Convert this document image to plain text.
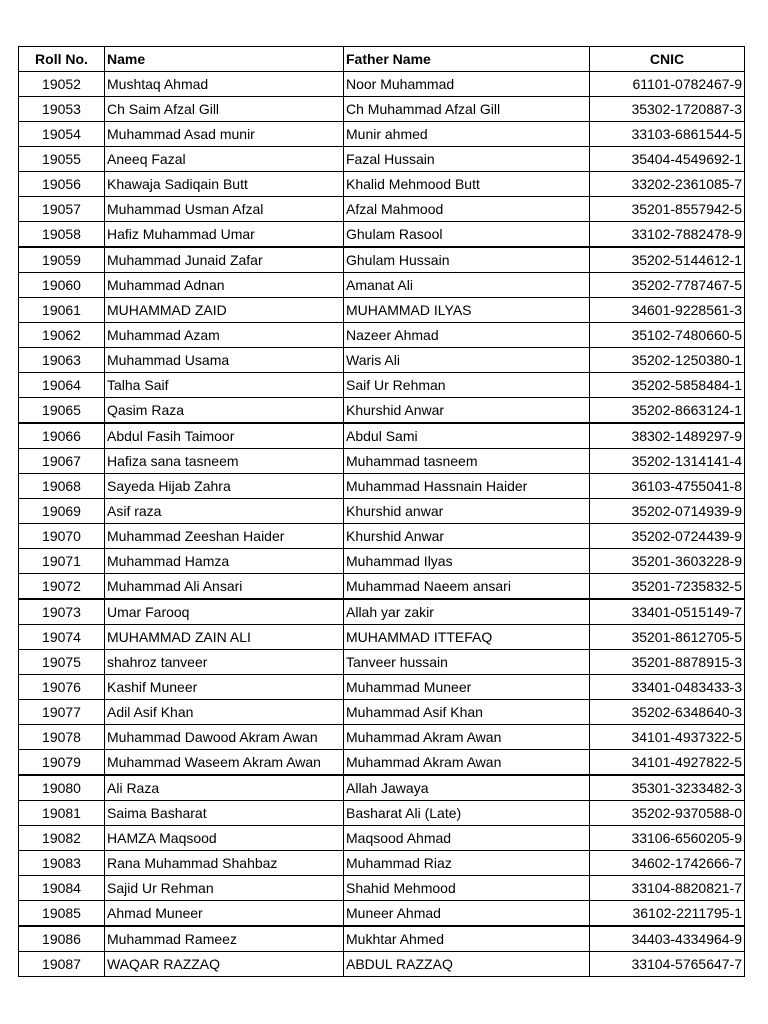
Roll No.	Name	Father Name	CNIC
19052	Mushtaq Ahmad	Noor Muhammad	61101-0782467-9
19053	Ch Saim Afzal Gill	Ch Muhammad Afzal Gill	35302-1720887-3
19054	Muhammad Asad munir	Munir ahmed	33103-6861544-5
19055	Aneeq Fazal	Fazal Hussain	35404-4549692-1
19056	Khawaja Sadiqain Butt	Khalid Mehmood Butt	33202-2361085-7
19057	Muhammad Usman Afzal	Afzal Mahmood	35201-8557942-5
19058	Hafiz Muhammad Umar	Ghulam Rasool	33102-7882478-9
19059	Muhammad Junaid Zafar	Ghulam Hussain	35202-5144612-1
19060	Muhammad Adnan	Amanat Ali	35202-7787467-5
19061	MUHAMMAD ZAID	MUHAMMAD ILYAS	34601-9228561-3
19062	Muhammad Azam	Nazeer Ahmad	35102-7480660-5
19063	Muhammad Usama	Waris Ali	35202-1250380-1
19064	Talha Saif	Saif Ur Rehman	35202-5858484-1
19065	Qasim Raza	Khurshid Anwar	35202-8663124-1
19066	Abdul Fasih Taimoor	Abdul Sami	38302-1489297-9
19067	Hafiza sana tasneem	Muhammad tasneem	35202-1314141-4
19068	Sayeda Hijab Zahra	Muhammad Hassnain Haider	36103-4755041-8
19069	Asif raza	Khurshid anwar	35202-0714939-9
19070	Muhammad Zeeshan Haider	Khurshid Anwar	35202-0724439-9
19071	Muhammad Hamza	Muhammad Ilyas	35201-3603228-9
19072	Muhammad Ali Ansari	Muhammad Naeem ansari	35201-7235832-5
19073	Umar Farooq	Allah yar zakir	33401-0515149-7
19074	MUHAMMAD ZAIN ALI	MUHAMMAD ITTEFAQ	35201-8612705-5
19075	shahroz tanveer	Tanveer hussain	35201-8878915-3
19076	Kashif Muneer	Muhammad Muneer	33401-0483433-3
19077	Adil Asif Khan	Muhammad Asif Khan	35202-6348640-3
19078	Muhammad Dawood Akram Awan	Muhammad Akram Awan	34101-4937322-5
19079	Muhammad Waseem Akram Awan	Muhammad Akram Awan	34101-4927822-5
19080	Ali Raza	Allah Jawaya	35301-3233482-3
19081	Saima Basharat	Basharat Ali (Late)	35202-9370588-0
19082	HAMZA Maqsood	Maqsood Ahmad	33106-6560205-9
19083	Rana Muhammad Shahbaz	Muhammad Riaz	34602-1742666-7
19084	Sajid Ur Rehman	Shahid Mehmood	33104-8820821-7
19085	Ahmad Muneer	Muneer Ahmad	36102-2211795-1
19086	Muhammad Rameez	Mukhtar Ahmed	34403-4334964-9
19087	WAQAR RAZZAQ	ABDUL RAZZAQ	33104-5765647-7
